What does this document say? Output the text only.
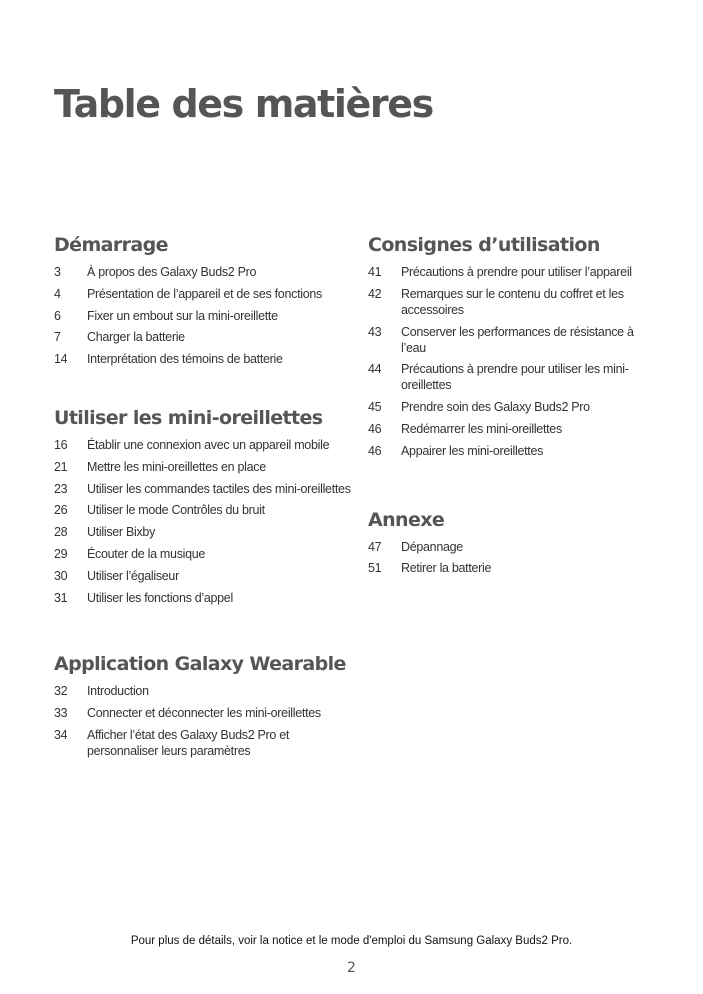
Table des matières
Démarrage
3	À propos des Galaxy Buds2 Pro
4	Présentation de l’appareil et de ses fonctions
6	Fixer un embout sur la mini-oreillette
7	Charger la batterie
14	Interprétation des témoins de batterie
Utiliser les mini-oreillettes
16	Établir une connexion avec un appareil mobile
21	Mettre les mini-oreillettes en place
23	Utiliser les commandes tactiles des mini-oreillettes
26	Utiliser le mode Contrôles du bruit
28	Utiliser Bixby
29	Écouter de la musique
30	Utiliser l’égaliseur
31	Utiliser les fonctions d’appel
Application Galaxy Wearable
32	Introduction
33	Connecter et déconnecter les mini-oreillettes
34	Afficher l’état des Galaxy Buds2 Pro et personnaliser leurs paramètres
Consignes d’utilisation
41	Précautions à prendre pour utiliser l’appareil
42	Remarques sur le contenu du coffret et les accessoires
43	Conserver les performances de résistance à l’eau
44	Précautions à prendre pour utiliser les mini-oreillettes
45	Prendre soin des Galaxy Buds2 Pro
46	Redémarrer les mini-oreillettes
46	Appairer les mini-oreillettes
Annexe
47	Dépannage
51	Retirer la batterie
Pour plus de détails, voir la notice et le mode d'emploi du Samsung Galaxy Buds2 Pro.
2
